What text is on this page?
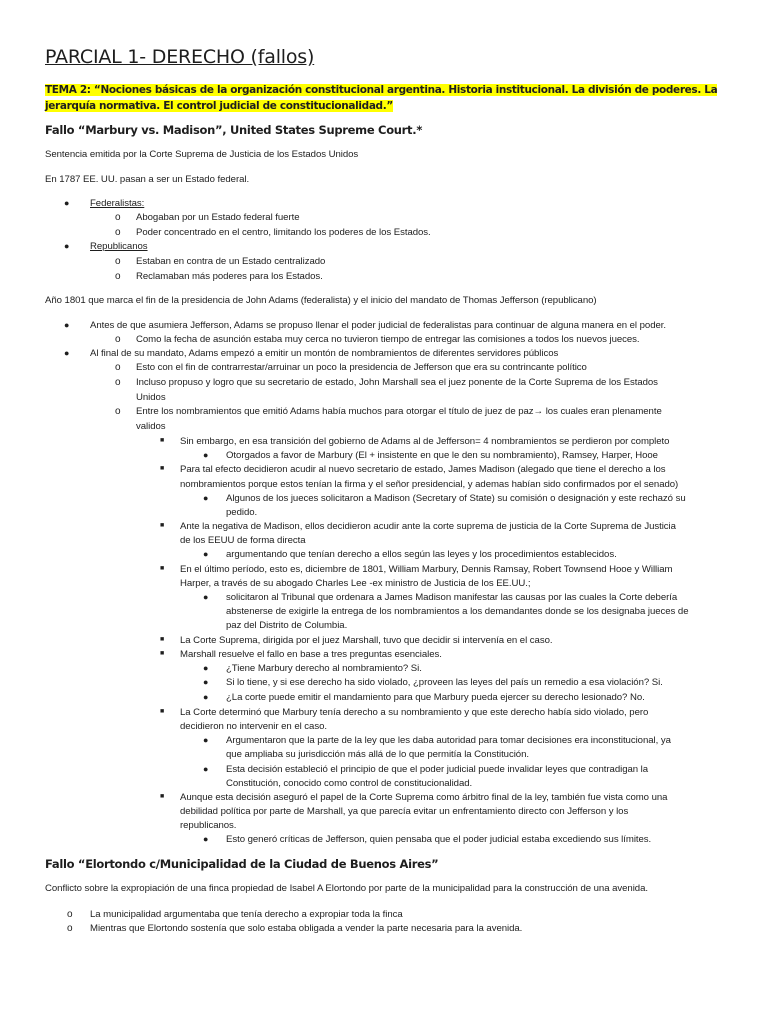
PARCIAL 1- DERECHO (fallos)
TEMA 2: “Nociones básicas de la organización constitucional argentina. Historia institucional. La división de poderes. La jerarquía normativa. El control judicial de constitucionalidad.”
Fallo “Marbury vs. Madison”, United States Supreme Court.*
Sentencia emitida por la Corte Suprema de Justicia de los Estados Unidos
En 1787 EE. UU. pasan a ser un Estado federal.
● Federalistas:
o Abogaban por un Estado federal fuerte
o Poder concentrado en el centro, limitando los poderes de los Estados.
● Republicanos
o Estaban en contra de un Estado centralizado
o Reclamaban más poderes para los Estados.
Año 1801 que marca el fin de la presidencia de John Adams (federalista) y el inicio del mandato de Thomas Jefferson (republicano)
● Antes de que asumiera Jefferson, Adams se propuso llenar el poder judicial de federalistas para continuar de alguna manera en el poder.
o Como la fecha de asunción estaba muy cerca no tuvieron tiempo de entregar las comisiones a todos los nuevos jueces.
● Al final de su mandato, Adams empezó a emitir un montón de nombramientos de diferentes servidores públicos
o Esto con el fin de contrarrestar/arruinar un poco la presidencia de Jefferson que era su contrincante político
o Incluso propuso y logro que su secretario de estado, John Marshall sea el juez ponente de la Corte Suprema de los Estados
Unidos
o Entre los nombramientos que emitió Adams había muchos para otorgar el título de juez de paz→ los cuales eran plenamente
validos
■ Sin embargo, en esa transición del gobierno de Adams al de Jefferson= 4 nombramientos se perdieron por completo
● Otorgados a favor de Marbury (El + insistente en que le den su nombramiento), Ramsey, Harper, Hooe
■ Para tal efecto decidieron acudir al nuevo secretario de estado, James Madison (alegado que tiene el derecho a los
nombramientos porque estos tenían la firma y el señor presidencial, y ademas habían sido confirmados por el senado)
● Algunos de los jueces solicitaron a Madison (Secretary of State) su comisión o designación y este rechazó su
pedido.
■ Ante la negativa de Madison, ellos decidieron acudir ante la corte suprema de justicia de la Corte Suprema de Justicia
de los EEUU de forma directa
● argumentando que tenían derecho a ellos según las leyes y los procedimientos establecidos.
■ En el último período, esto es, diciembre de 1801, William Marbury, Dennis Ramsay, Robert Townsend Hooe y William
Harper, a través de su abogado Charles Lee -ex ministro de Justicia de los EE.UU.;
● solicitaron al Tribunal que ordenara a James Madison manifestar las causas por las cuales la Corte debería
abstenerse de exigirle la entrega de los nombramientos a los demandantes donde se los designaba jueces de
paz del Distrito de Columbia.
■ La Corte Suprema, dirigida por el juez Marshall, tuvo que decidir si intervenía en el caso.
■ Marshall resuelve el fallo en base a tres preguntas esenciales.
● ¿Tiene Marbury derecho al nombramiento? Si.
● Si lo tiene, y si ese derecho ha sido violado, ¿proveen las leyes del país un remedio a esa violación? Si.
● ¿La corte puede emitir el mandamiento para que Marbury pueda ejercer su derecho lesionado? No.
■ La Corte determinó que Marbury tenía derecho a su nombramiento y que este derecho había sido violado, pero
decidieron no intervenir en el caso.
● Argumentaron que la parte de la ley que les daba autoridad para tomar decisiones era inconstitucional, ya
que ampliaba su jurisdicción más allá de lo que permitía la Constitución.
● Esta decisión estableció el principio de que el poder judicial puede invalidar leyes que contradigan la
Constitución, conocido como control de constitucionalidad.
■ Aunque esta decisión aseguró el papel de la Corte Suprema como árbitro final de la ley, también fue vista como una
debilidad política por parte de Marshall, ya que parecía evitar un enfrentamiento directo con Jefferson y los
republicanos.
● Esto generó críticas de Jefferson, quien pensaba que el poder judicial estaba excediendo sus límites.
Fallo “Elortondo c/Municipalidad de la Ciudad de Buenos Aires”
Conflicto sobre la expropiación de una finca propiedad de Isabel A Elortondo por parte de la municipalidad para la construcción de una avenida.
o La municipalidad argumentaba que tenía derecho a expropiar toda la finca
o Mientras que Elortondo sostenía que solo estaba obligada a vender la parte necesaria para la avenida.
